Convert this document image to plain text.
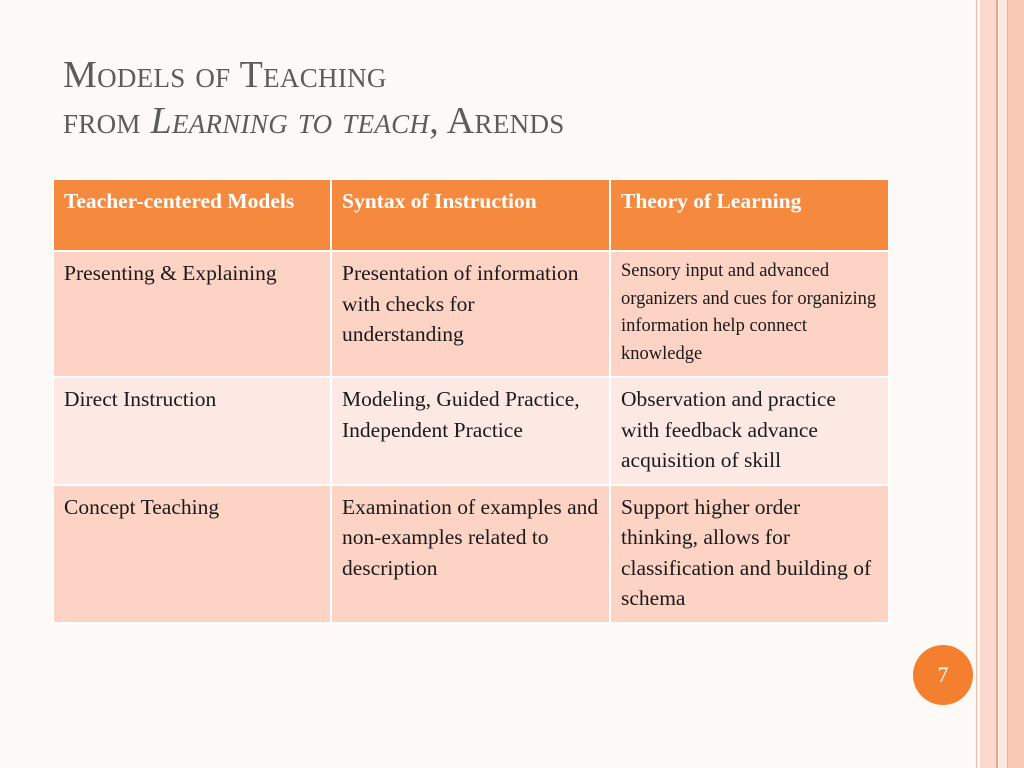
Models of Teaching
from Learning to teach, Arends
Teacher-centered Models	Syntax of Instruction	Theory of Learning
Presenting & Explaining	Presentation of information with checks for understanding	Sensory input and advanced organizers and cues for organizing information help connect knowledge
Direct Instruction	Modeling, Guided Practice, Independent Practice	Observation and practice with feedback advance acquisition of skill
Concept Teaching	Examination of examples and non-examples related to description	Support higher order thinking, allows for classification and building of schema
7
